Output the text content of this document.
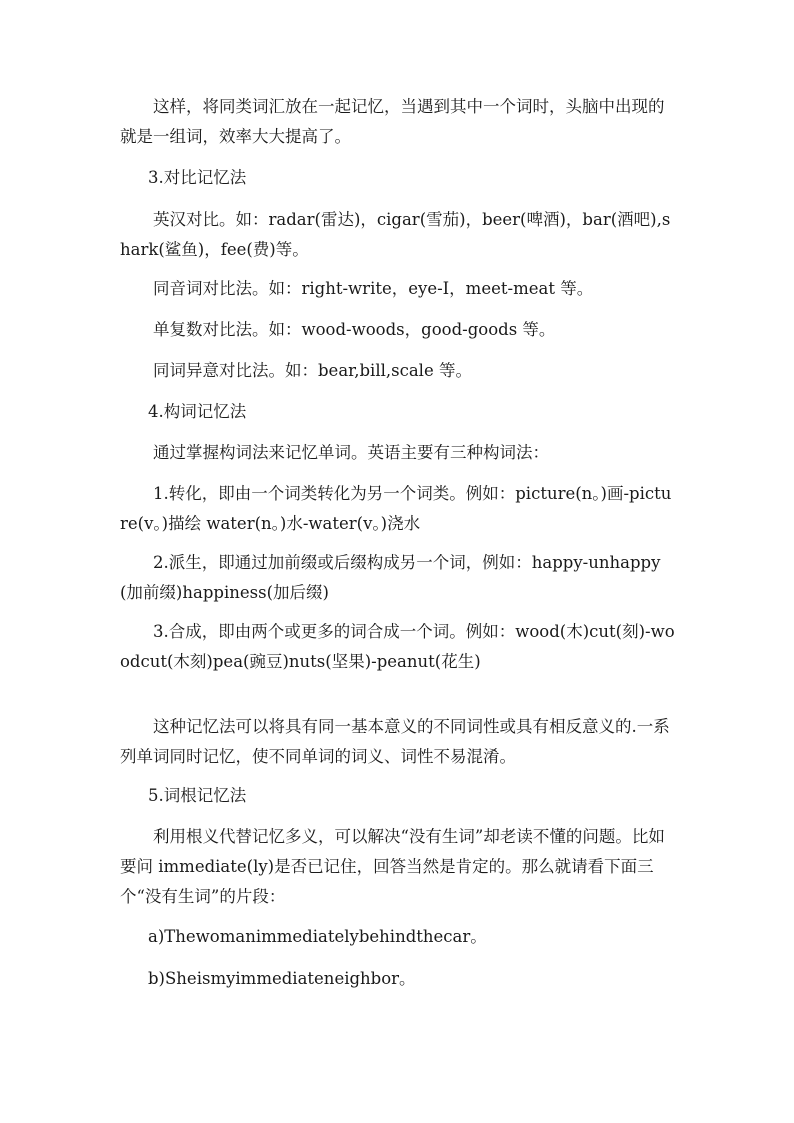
这样，将同类词汇放在一起记忆，当遇到其中一个词时，头脑中出现的就是一组词，效率大大提高了。

3.对比记忆法

英汉对比。如：radar(雷达)，cigar(雪茄)，beer(啤酒)，bar(酒吧),shark(鲨鱼)，fee(费)等。

同音词对比法。如：right-write，eye-I，meet-meat 等。

单复数对比法。如：wood-woods，good-goods 等。

同词异意对比法。如：bear,bill,scale 等。

4.构词记忆法

通过掌握构词法来记忆单词。英语主要有三种构词法：

1.转化，即由一个词类转化为另一个词类。例如：picture(n。)画-picture(v。)描绘 water(n。)水-water(v。)浇水

2.派生，即通过加前缀或后缀构成另一个词，例如：happy-unhappy(加前缀)happiness(加后缀)

3.合成，即由两个或更多的词合成一个词。例如：wood(木)cut(刻)-woodcut(木刻)pea(豌豆)nuts(坚果)-peanut(花生)

这种记忆法可以将具有同一基本意义的不同词性或具有相反意义的.一系列单词同时记忆，使不同单词的词义、词性不易混淆。

5.词根记忆法

利用根义代替记忆多义，可以解决“没有生词”却老读不懂的问题。比如要问 immediate(ly)是否已记住，回答当然是肯定的。那么就请看下面三个“没有生词”的片段：

a)Thewomanimmediatelybehindthecar。

b)Sheismyimmediateneighbor。
